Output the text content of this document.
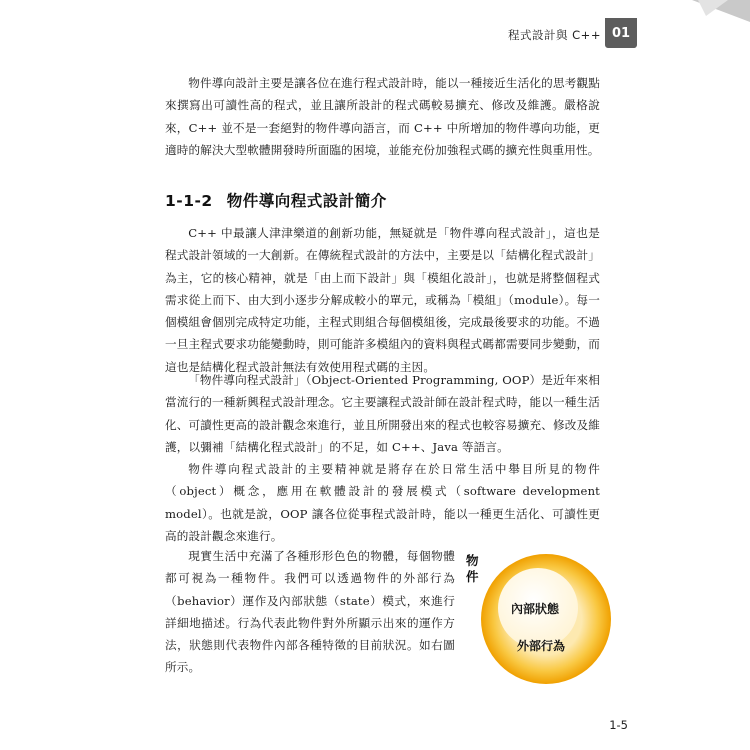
程式設計與 C++ 01

物件導向設計主要是讓各位在進行程式設計時，能以一種接近生活化的思考觀點來撰寫出可讀性高的程式，並且讓所設計的程式碼較易擴充、修改及維護。嚴格說來，C++ 並不是一套絕對的物件導向語言，而 C++ 中所增加的物件導向功能，更適時的解決大型軟體開發時所面臨的困境，並能充份加強程式碼的擴充性與重用性。

1-1-2 物件導向程式設計簡介

C++ 中最讓人津津樂道的創新功能，無疑就是「物件導向程式設計」，這也是程式設計領域的一大創新。在傳統程式設計的方法中，主要是以「結構化程式設計」為主，它的核心精神，就是「由上而下設計」與「模組化設計」，也就是將整個程式需求從上而下、由大到小逐步分解成較小的單元，或稱為「模組」（module）。每一個模組會個別完成特定功能，主程式則組合每個模組後，完成最後要求的功能。不過一旦主程式要求功能變動時，則可能許多模組內的資料與程式碼都需要同步變動，而這也是結構化程式設計無法有效使用程式碼的主因。

「物件導向程式設計」（Object-Oriented Programming, OOP）是近年來相當流行的一種新興程式設計理念。它主要讓程式設計師在設計程式時，能以一種生活化、可讀性更高的設計觀念來進行，並且所開發出來的程式也較容易擴充、修改及維護，以彌補「結構化程式設計」的不足，如 C++、Java 等語言。

物件導向程式設計的主要精神就是將存在於日常生活中舉目所見的物件（object）概念，應用在軟體設計的發展模式（software development model）。也就是說，OOP 讓各位從事程式設計時，能以一種更生活化、可讀性更高的設計觀念來進行。

現實生活中充滿了各種形形色色的物體，每個物體都可視為一種物件。我們可以透過物件的外部行為（behavior）運作及內部狀態（state）模式，來進行詳細地描述。行為代表此物件對外所顯示出來的運作方法，狀態則代表物件內部各種特徵的目前狀況。如右圖所示。

物
件
內部狀態
外部行為
1-5
